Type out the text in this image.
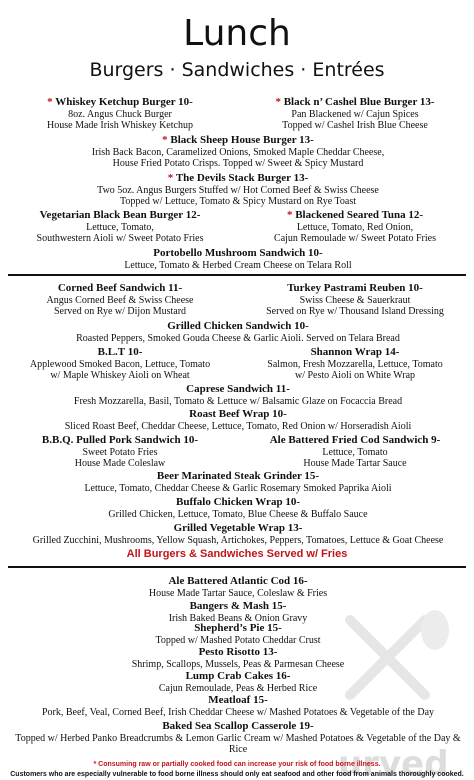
Lunch
Burgers · Sandwiches · Entrées
* Whiskey Ketchup Burger 10-
8oz. Angus Chuck Burger
House Made Irish Whiskey Ketchup
* Black n’ Cashel Blue Burger 13-
Pan Blackened w/ Cajun Spices
Topped w/ Cashel Irish Blue Cheese
* Black Sheep House Burger 13-
Irish Back Bacon, Caramelized Onions, Smoked Maple Cheddar Cheese,
House Fried Potato Crisps. Topped w/ Sweet & Spicy Mustard
* The Devils Stack Burger 13-
Two 5oz. Angus Burgers Stuffed w/ Hot Corned Beef & Swiss Cheese
Topped w/ Lettuce, Tomato & Spicy Mustard on Rye Toast
Vegetarian Black Bean Burger 12-
Lettuce, Tomato,
Southwestern Aioli w/ Sweet Potato Fries
* Blackened Seared Tuna 12-
Lettuce, Tomato, Red Onion,
Cajun Remoulade w/ Sweet Potato Fries
Portobello Mushroom Sandwich 10-
Lettuce, Tomato & Herbed Cream Cheese on Telara Roll
Corned Beef Sandwich 11-
Angus Corned Beef & Swiss Cheese
Served on Rye w/ Dijon Mustard
Turkey Pastrami Reuben 10-
Swiss Cheese & Sauerkraut
Served on Rye w/ Thousand Island Dressing
Grilled Chicken Sandwich 10-
Roasted Peppers, Smoked Gouda Cheese & Garlic Aioli. Served on Telara Bread
B.L.T 10-
Applewood Smoked Bacon, Lettuce, Tomato
w/ Maple Whiskey Aioli on Wheat
Shannon Wrap 14-
Salmon, Fresh Mozzarella, Lettuce, Tomato
w/ Pesto Aioli on White Wrap
Caprese Sandwich 11-
Fresh Mozzarella, Basil, Tomato & Lettuce w/ Balsamic Glaze on Focaccia Bread
Roast Beef Wrap 10-
Sliced Roast Beef, Cheddar Cheese, Lettuce, Tomato, Red Onion w/ Horseradish Aioli
B.B.Q. Pulled Pork Sandwich 10-
Sweet Potato Fries
House Made Coleslaw
Ale Battered Fried Cod Sandwich 9-
Lettuce, Tomato
House Made Tartar Sauce
Beer Marinated Steak Grinder 15-
Lettuce, Tomato, Cheddar Cheese & Garlic Rosemary Smoked Paprika Aioli
Buffalo Chicken Wrap 10-
Grilled Chicken, Lettuce, Tomato, Blue Cheese & Buffalo Sauce
Grilled Vegetable Wrap 13-
Grilled Zucchini, Mushrooms, Yellow Squash, Artichokes, Peppers, Tomatoes, Lettuce & Goat Cheese
Ale Battered Atlantic Cod 16-
House Made Tartar Sauce, Coleslaw & Fries
Bangers & Mash 15-
Irish Baked Beans & Onion Gravy
Shepherd’s Pie 15-
Topped w/ Mashed Potato Cheddar Crust
Pesto Risotto 13-
Shrimp, Scallops, Mussels, Peas & Parmesan Cheese
Lump Crab Cakes 16-
Cajun Remoulade, Peas & Herbed Rice
Meatloaf 15-
Pork, Beef, Veal, Corned Beef, Irish Cheddar Cheese w/ Mashed Potatoes & Vegetable of the Day
Baked Sea Scallop Casserole 19-
Topped w/ Herbed Panko Breadcrumbs & Lemon Garlic Cream w/ Mashed Potatoes & Vegetable of the Day & Rice
All Burgers & Sandwiches Served w/ Fries
urved
* Consuming raw or partially cooked food can increase your risk of food borne illness.
Customers who are especially vulnerable to food borne illness should only eat seafood and other food from animals thoroughly cooked.
